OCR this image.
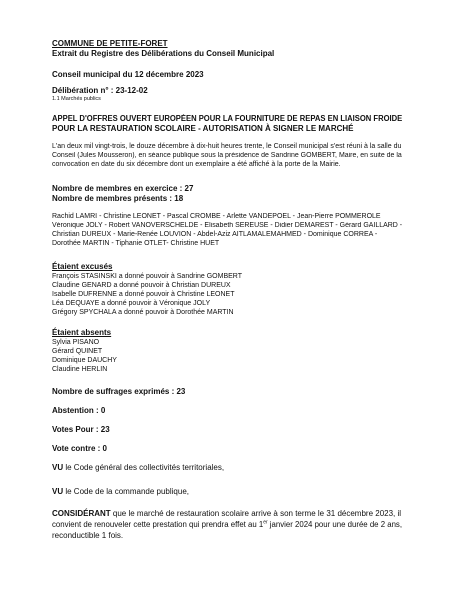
COMMUNE DE PETITE-FORET
Extrait du Registre des Délibérations du Conseil Municipal
Conseil municipal du 12 décembre 2023
Délibération n° : 23-12-02
1.1 Marchés publics
APPEL D'OFFRES OUVERT EUROPÉEN POUR LA FOURNITURE DE REPAS EN LIAISON FROIDE
POUR LA RESTAURATION SCOLAIRE - AUTORISATION À SIGNER LE MARCHÉ
L'an deux mil vingt-trois, le douze décembre à dix-huit heures trente, le Conseil municipal s'est réuni à la salle du
Conseil (Jules Mousseron), en séance publique sous la présidence de Sandrine GOMBERT, Maire, en suite de la
convocation en date du six décembre dont un exemplaire a été affiché à la porte de la Mairie.
Nombre de membres en exercice : 27
Nombre de membres présents : 18
Rachid LAMRI - Christine LEONET - Pascal CROMBE - Arlette VANDEPOEL - Jean-Pierre POMMEROLE
Véronique JOLY - Robert VANOVERSCHELDE - Elisabeth SEREUSE - Didier DEMAREST - Gérard GAILLARD -
Christian DUREUX - Marie-Renée LOUVION - Abdel-Aziz AITLAMALEMAHMED - Dominique CORREA -
Dorothée MARTIN - Tiphanie OTLET- Christine HUET
Étaient excusés
François STASINSKI a donné pouvoir à Sandrine GOMBERT
Claudine GENARD a donné pouvoir à Christian DUREUX
Isabelle DUFRENNE a donné pouvoir à Christine LEONET
Léa DEQUAYE a donné pouvoir à Véronique JOLY
Grégory SPYCHALA a donné pouvoir à Dorothée MARTIN
Étaient absents
Sylvia PISANO
Gérard QUINET
Dominique DAUCHY
Claudine HERLIN
Nombre de suffrages exprimés : 23
Abstention : 0
Votes Pour : 23
Vote contre : 0
VU le Code général des collectivités territoriales,
VU le Code de la commande publique,
CONSIDÉRANT que le marché de restauration scolaire arrive à son terme le 31 décembre 2023, il
convient de renouveler cette prestation qui prendra effet au 1er janvier 2024 pour une durée de 2 ans,
reconductible 1 fois.
